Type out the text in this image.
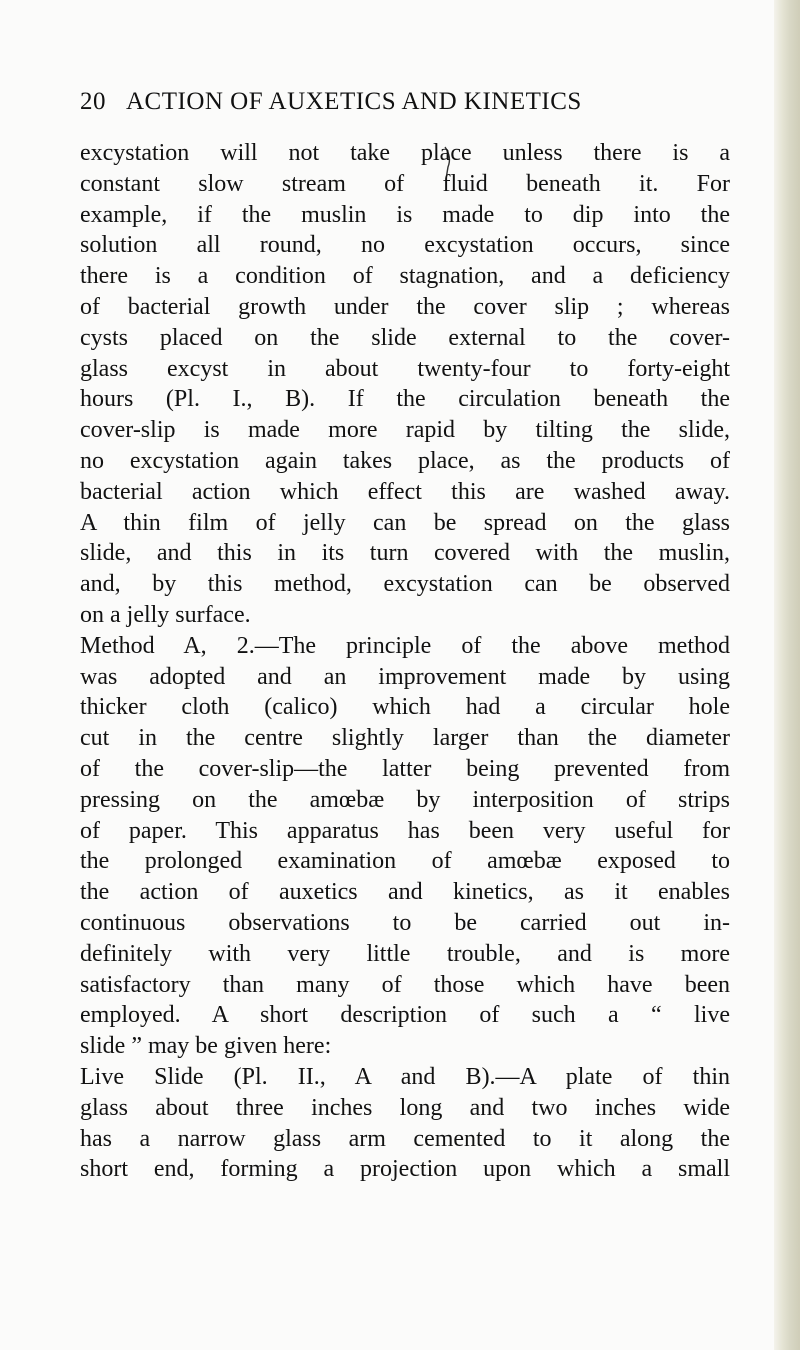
20 ACTION OF AUXETICS AND KINETICS
excystation will not take place unless there is a
constant slow stream of fluid beneath it. For
example, if the muslin is made to dip into the
solution all round, no excystation occurs, since
there is a condition of stagnation, and a deficiency
of bacterial growth under the cover slip ; whereas
cysts placed on the slide external to the cover-
glass excyst in about twenty-four to forty-eight
hours (Pl. I., B). If the circulation beneath the
cover-slip is made more rapid by tilting the slide,
no excystation again takes place, as the products of
bacterial action which effect this are washed away.
A thin film of jelly can be spread on the glass
slide, and this in its turn covered with the muslin,
and, by this method, excystation can be observed
on a jelly surface.
Method A, 2.—The principle of the above method
was adopted and an improvement made by using
thicker cloth (calico) which had a circular hole
cut in the centre slightly larger than the diameter
of the cover-slip—the latter being prevented from
pressing on the amœbæ by interposition of strips
of paper. This apparatus has been very useful for
the prolonged examination of amœbæ exposed to
the action of auxetics and kinetics, as it enables
continuous observations to be carried out in-
definitely with very little trouble, and is more
satisfactory than many of those which have been
employed. A short description of such a “ live
slide ” may be given here:
Live Slide (Pl. II., A and B).—A plate of thin
glass about three inches long and two inches wide
has a narrow glass arm cemented to it along the
short end, forming a projection upon which a small
